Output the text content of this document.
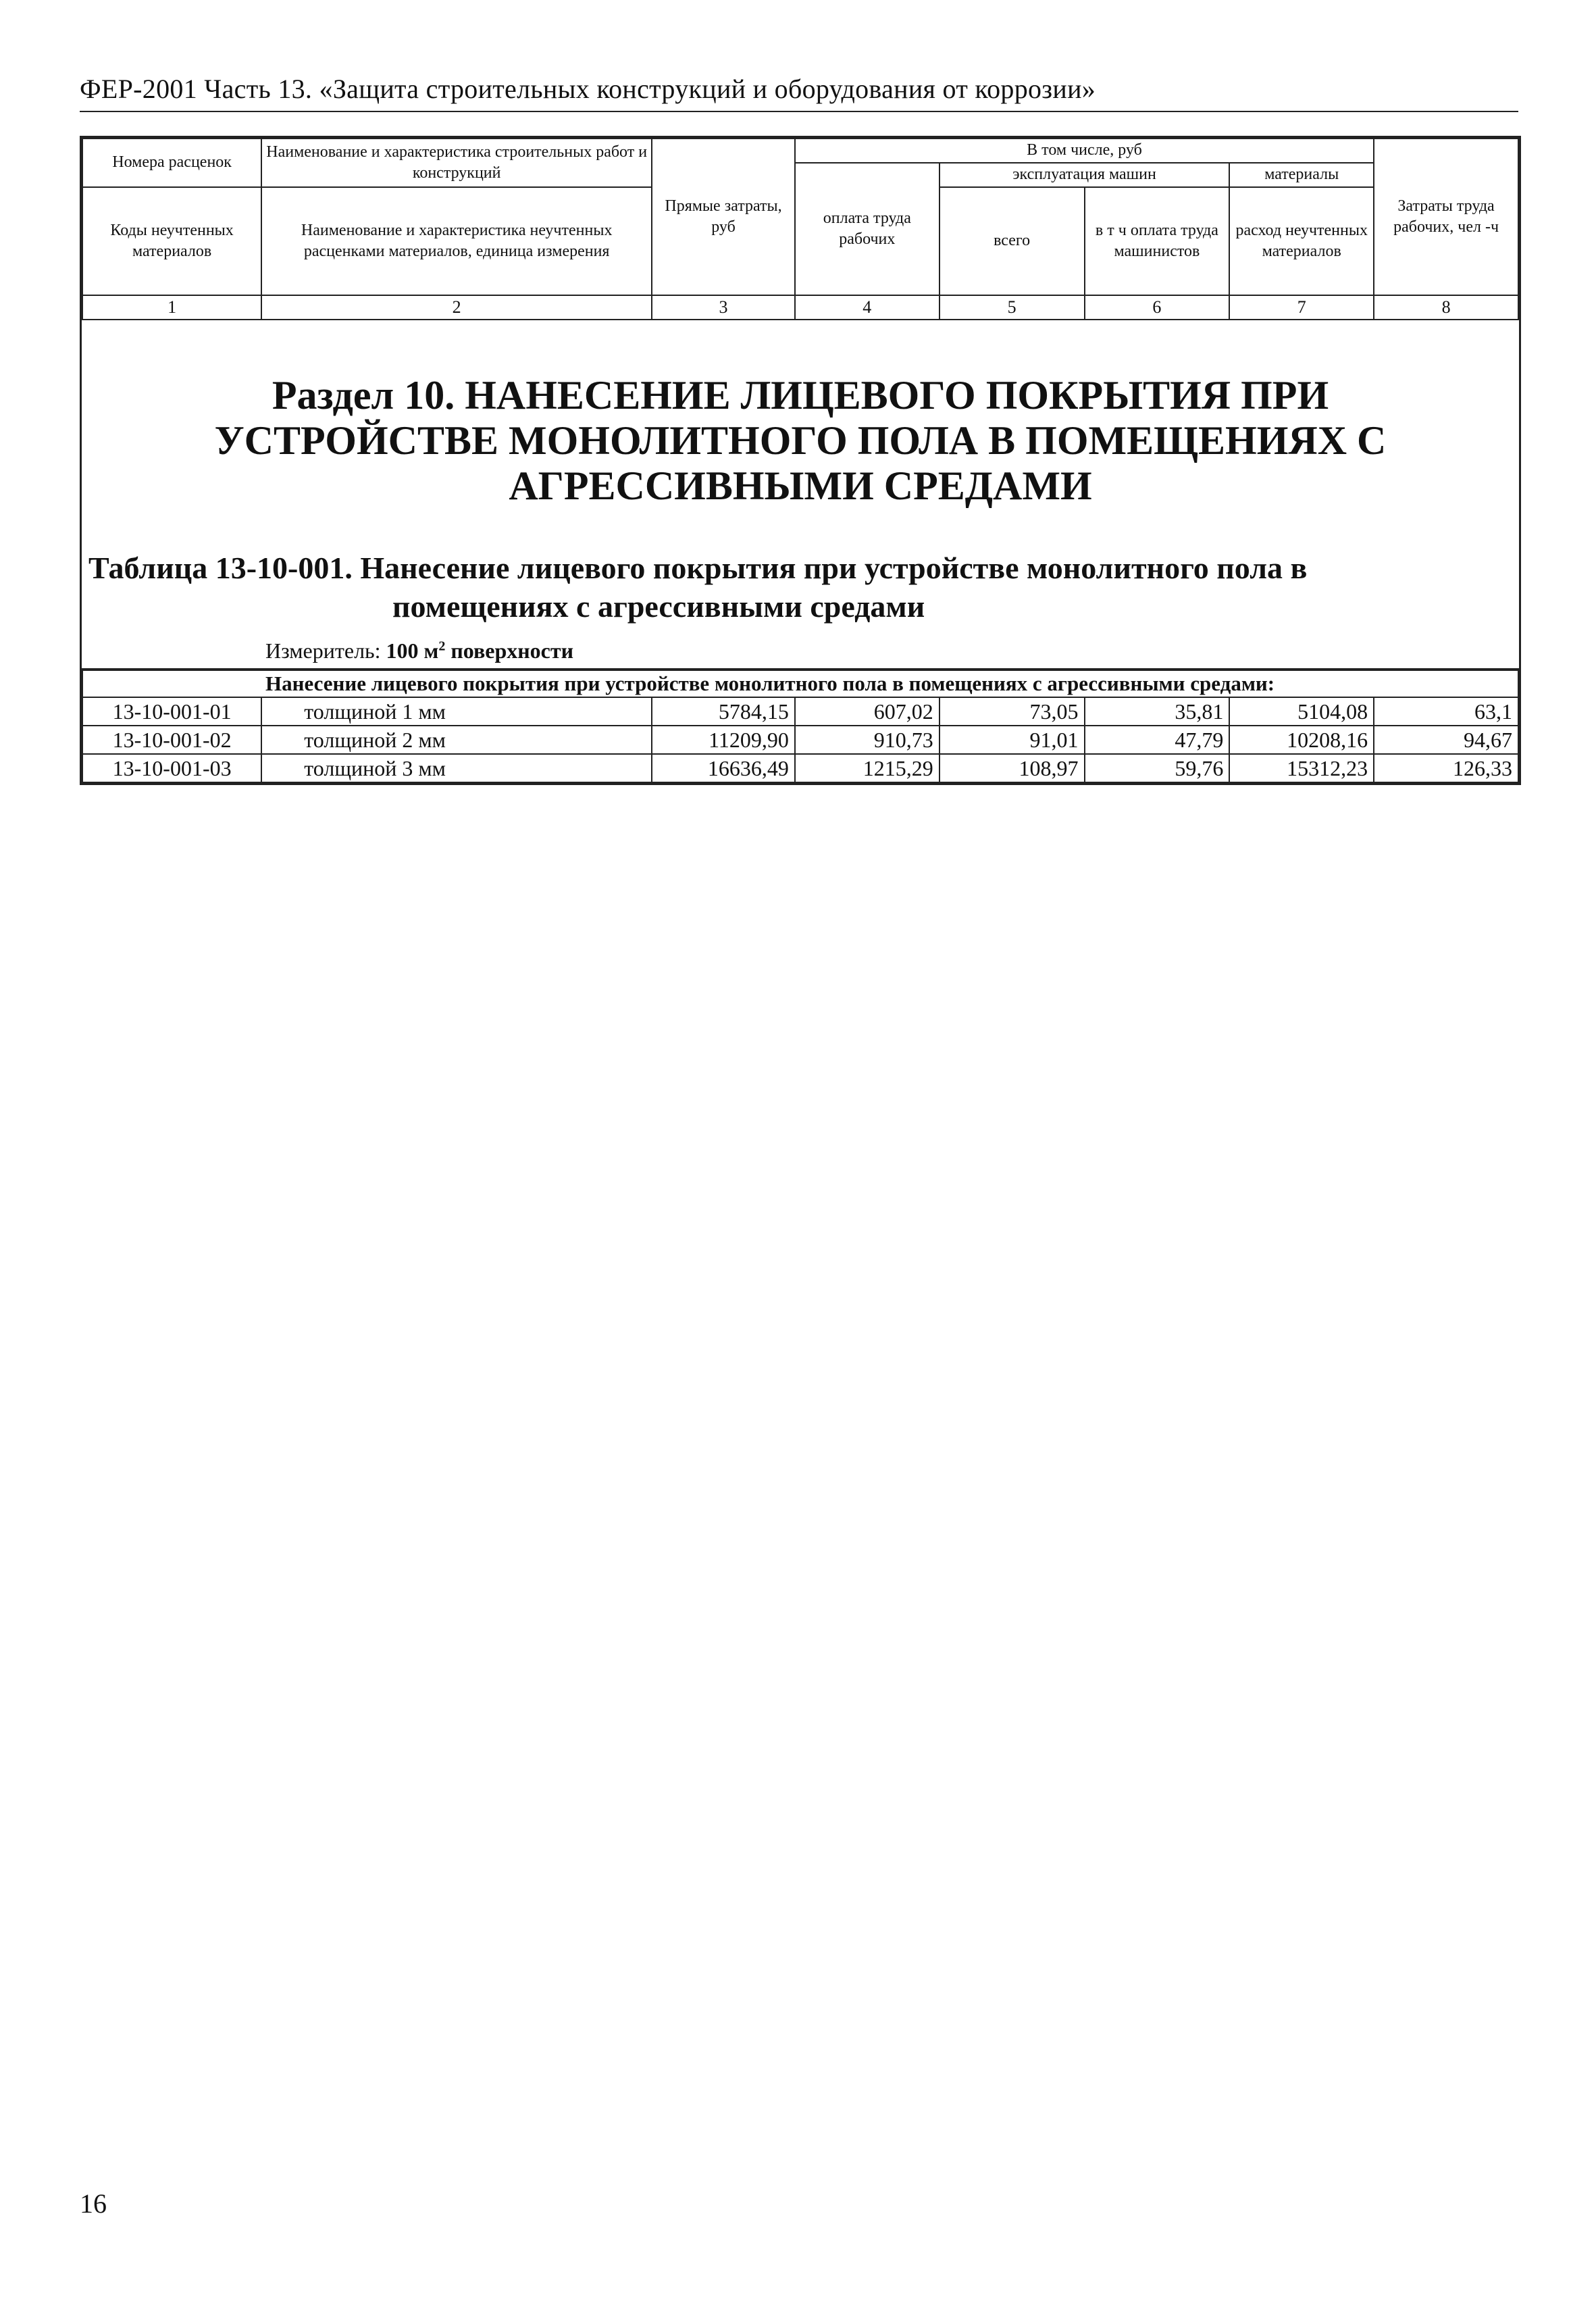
ФЕР-2001 Часть 13. «Защита строительных конструкций и оборудования от коррозии»
Номера расценок	Наименование и характеристика строительных работ и конструкций	Прямые затраты, руб	В том числе, руб				Затраты труда рабочих, чел -ч
			оплата труда рабочих	эксплуатация машин		материалы	
Коды неучтенных материалов	Наименование и характеристика неучтенных расценками материалов, единица измерения			всего	в т ч оплата труда машинистов	расход неучтенных материалов	

1	2	3	4	5	6	7	8

Раздел 10. НАНЕСЕНИЕ ЛИЦЕВОГО ПОКРЫТИЯ ПРИ УСТРОЙСТВЕ МОНОЛИТНОГО ПОЛА В ПОМЕЩЕНИЯХ С АГРЕССИВНЫМИ СРЕДАМИ

Таблица 13-10-001. Нанесение лицевого покрытия при устройстве монолитного пола в
помещениях с агрессивными средами

Измеритель: 100 $м^2$ поверхности
Нанесение лицевого покрытия при устройстве монолитного пола в помещениях с агрессивными средами:							
13-10-001-01	толщиной 1 мм	5784,15	607,02	73,05	35,81	5104,08	63,1
13-10-001-02	толщиной 2 мм	11209,90	910,73	91,01	47,79	10208,16	94,67
13-10-001-03	толщиной 3 мм	16636,49	1215,29	108,97	59,76	15312,23	126,33
16
